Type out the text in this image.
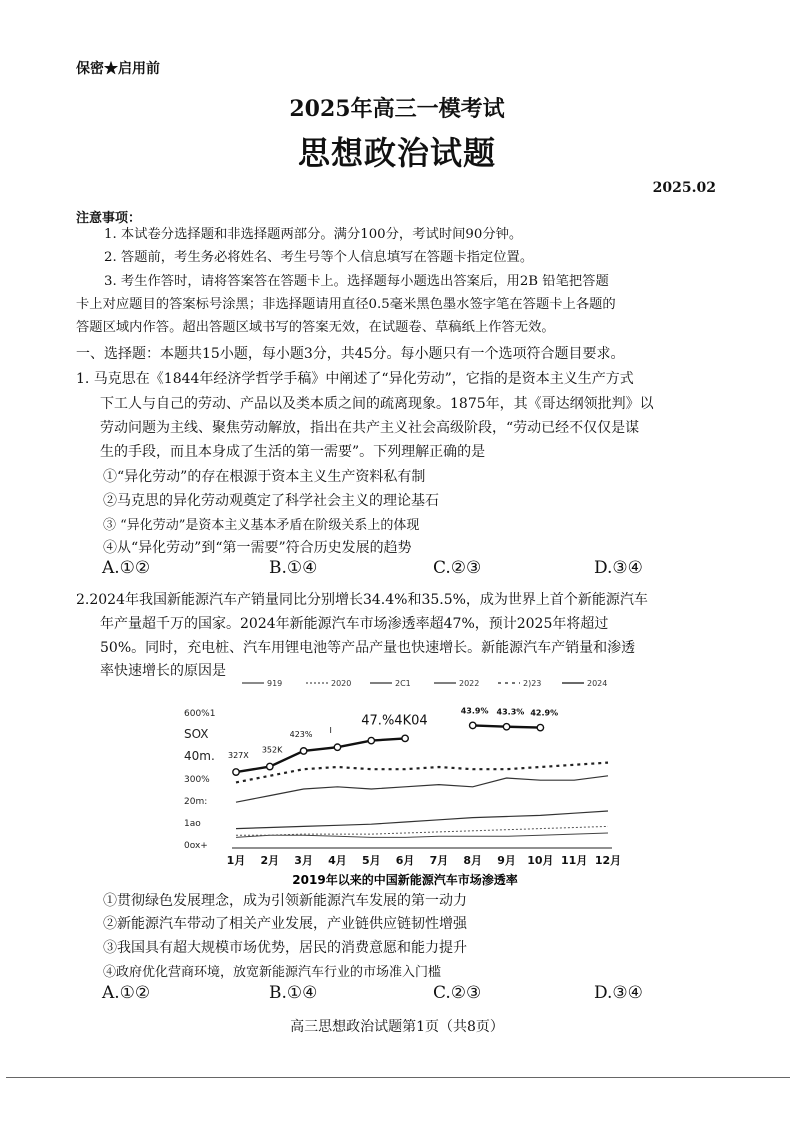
保密★启用前
2025年高三一模考试
思想政治试题
2025.02
注意事项：
1. 本试卷分选择题和非选择题两部分。满分100分，考试时间90分钟。
2. 答题前，考生务必将姓名、考生号等个人信息填写在答题卡指定位置。
3. 考生作答时，请将答案答在答题卡上。选择题每小题选出答案后，用2B 铅笔把答题
卡上对应题目的答案标号涂黑；非选择题请用直径0.5毫米黑色墨水签字笔在答题卡上各题的
答题区域内作答。超出答题区域书写的答案无效，在试题卷、草稿纸上作答无效。
一、选择题：本题共15小题，每小题3分，共45分。每小题只有一个选项符合题目要求。
1. 马克思在《1844年经济学哲学手稿》中阐述了“异化劳动”，它指的是资本主义生产方式
下工人与自己的劳动、产品以及类本质之间的疏离现象。1875年，其《哥达纲领批判》以
劳动问题为主线、聚焦劳动解放，指出在共产主义社会高级阶段，“劳动已经不仅仅是谋
生的手段，而且本身成了生活的第一需要”。下列理解正确的是
①“异化劳动”的存在根源于资本主义生产资料私有制
②马克思的异化劳动观奠定了科学社会主义的理论基石
③ “异化劳动”是资本主义基本矛盾在阶级关系上的体现
④从“异化劳动”到“第一需要”符合历史发展的趋势
A.①②	B.①④	C.②③	D.③④
2.2024年我国新能源汽车产销量同比分别增长34.4%和35.5%，成为世界上首个新能源汽车
年产量超千万的国家。2024年新能源汽车市场渗透率超47%，预计2025年将超过
50%。同时，充电桩、汽车用锂电池等产品产量也快速增长。新能源汽车产销量和渗透
率快速增长的原因是
919	2020	2C1	2022	2)23	2024
600%1
SOX
40m.
300%
20m:
1ao
0ox+
327X
352K
423% I
47.%4K04
43.9% 43.3% 42.9%
1月 2月 3月 4月 5月 6月 7月 8月 9月 10月 11月 12月
2019年以来的中国新能源汽车市场渗透率
①贯彻绿色发展理念，成为引领新能源汽车发展的第一动力
②新能源汽车带动了相关产业发展，产业链供应链韧性增强
③我国具有超大规模市场优势，居民的消费意愿和能力提升
④政府优化营商环境，放宽新能源汽车行业的市场准入门槛
A.①②	B.①④	C.②③	D.③④
高三思想政治试题第1页（共8页）
